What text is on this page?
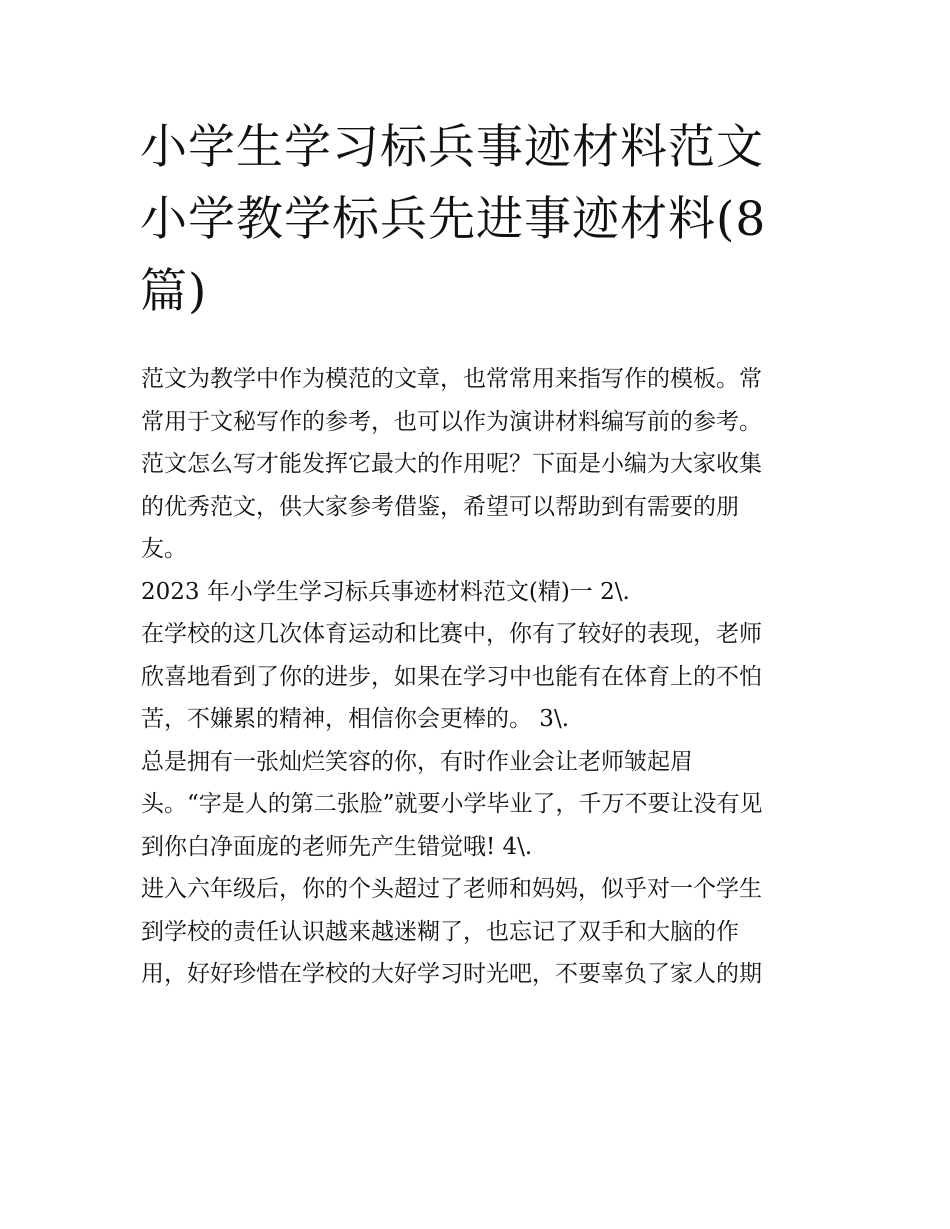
小学生学习标兵事迹材料范文
小学教学标兵先进事迹材料(8
篇)
范文为教学中作为模范的文章，也常常用来指写作的模板。常
常用于文秘写作的参考，也可以作为演讲材料编写前的参考。
范文怎么写才能发挥它最大的作用呢？下面是小编为大家收集
的优秀范文，供大家参考借鉴，希望可以帮助到有需要的朋
友。
2023 年小学生学习标兵事迹材料范文(精)一 2\.
在学校的这几次体育运动和比赛中，你有了较好的表现，老师
欣喜地看到了你的进步，如果在学习中也能有在体育上的不怕
苦，不嫌累的精神，相信你会更棒的。 3\.
总是拥有一张灿烂笑容的你，有时作业会让老师皱起眉
头。“字是人的第二张脸”就要小学毕业了，千万不要让没有见
到你白净面庞的老师先产生错觉哦! 4\.
进入六年级后，你的个头超过了老师和妈妈，似乎对一个学生
到学校的责任认识越来越迷糊了，也忘记了双手和大脑的作
用，好好珍惜在学校的大好学习时光吧，不要辜负了家人的期
